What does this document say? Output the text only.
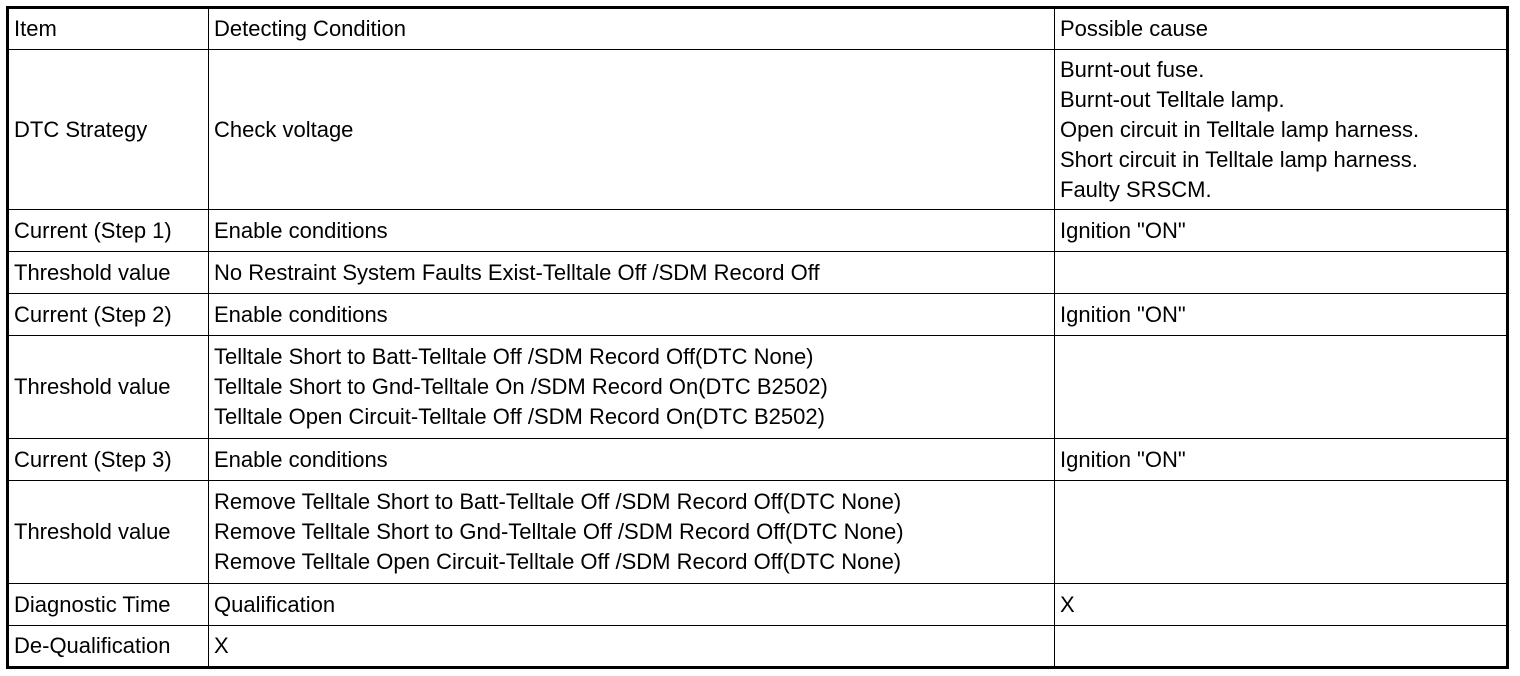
Item	Detecting Condition	Possible cause
DTC Strategy	Check voltage	Burnt-out fuse.
Burnt-out Telltale lamp.
Open circuit in Telltale lamp harness.
Short circuit in Telltale lamp harness.
Faulty SRSCM.

Current (Step 1)	Enable conditions	Ignition "ON"

Threshold value	No Restraint System Faults Exist-Telltale Off /SDM Record Off	

Current (Step 2)	Enable conditions	Ignition "ON"

Threshold value	Telltale Short to Batt-Telltale Off /SDM Record Off(DTC None)
Telltale Short to Gnd-Telltale On /SDM Record On(DTC B2502)
Telltale Open Circuit-Telltale Off /SDM Record On(DTC B2502)	

Current (Step 3)	Enable conditions	Ignition "ON"

Threshold value	Remove Telltale Short to Batt-Telltale Off /SDM Record Off(DTC None)
Remove Telltale Short to Gnd-Telltale Off /SDM Record Off(DTC None)
Remove Telltale Open Circuit-Telltale Off /SDM Record Off(DTC None)	

Diagnostic Time	Qualification	X

De-Qualification	X	
